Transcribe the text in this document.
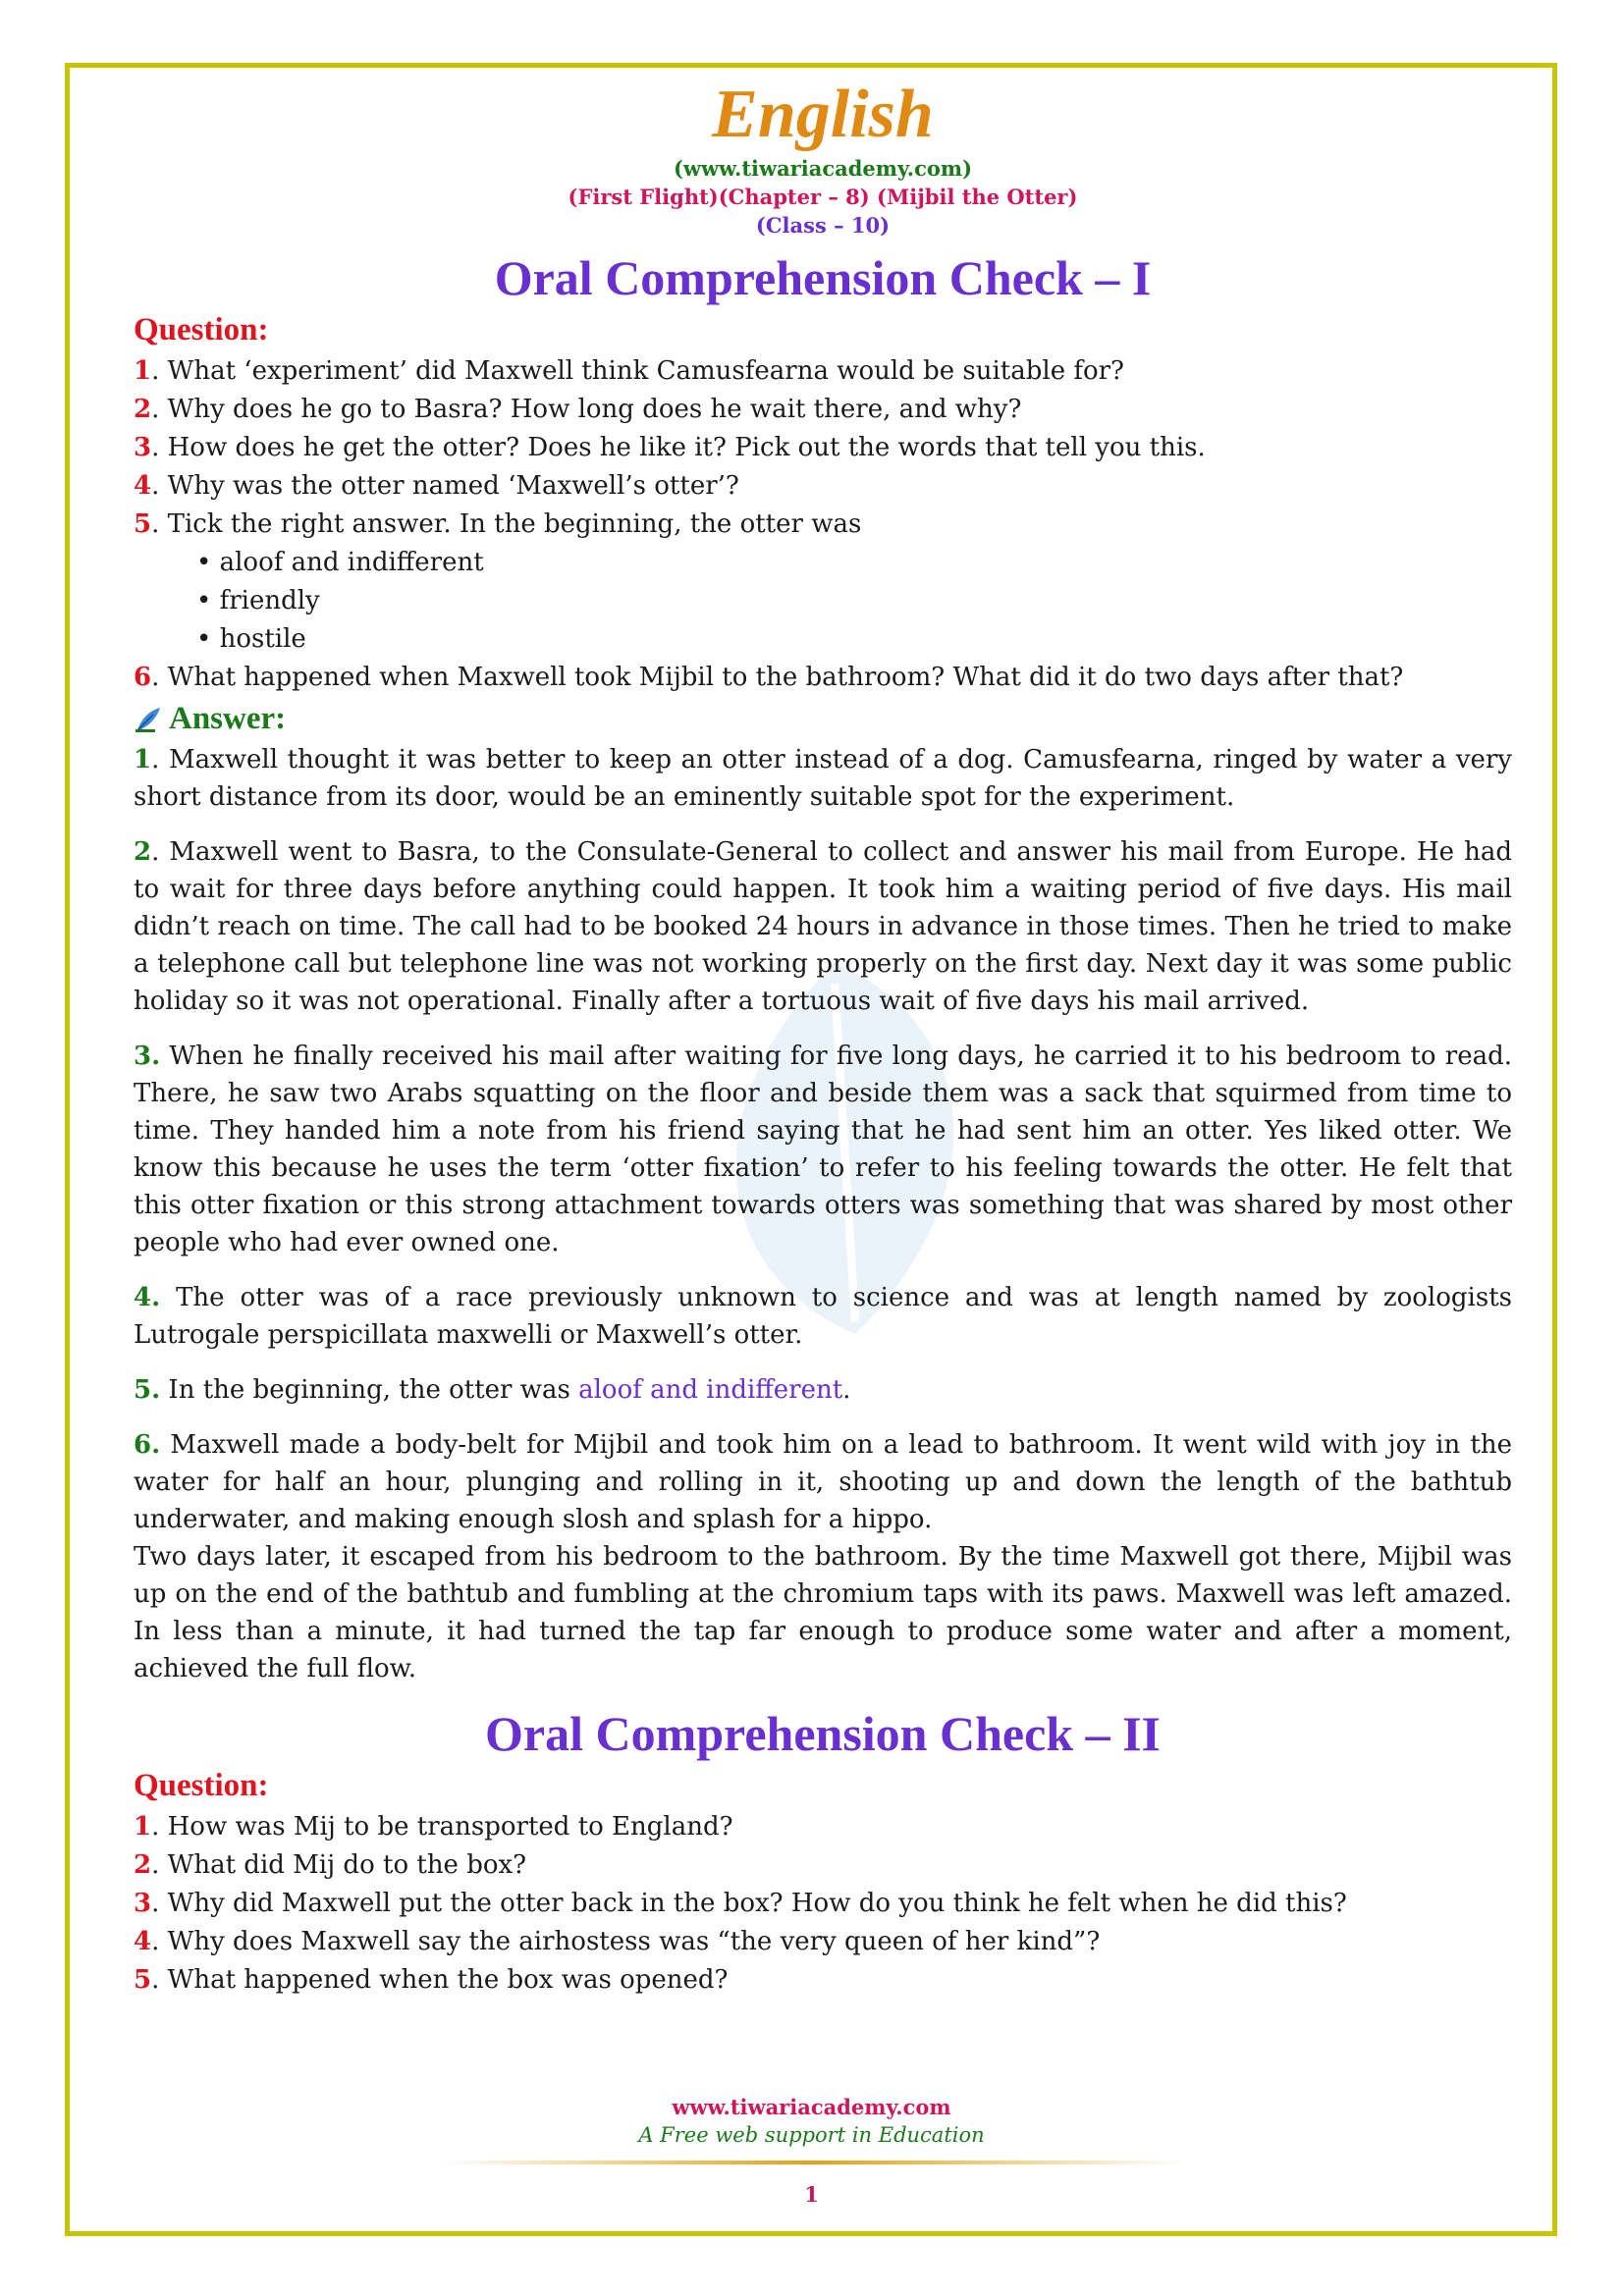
English
(www.tiwariacademy.com)
(First Flight)(Chapter – 8) (Mijbil the Otter)
(Class – 10)
Oral Comprehension Check – I
Question:
1. What ‘experiment’ did Maxwell think Camusfearna would be suitable for?
2. Why does he go to Basra? How long does he wait there, and why?
3. How does he get the otter? Does he like it? Pick out the words that tell you this.
4. Why was the otter named ‘Maxwell’s otter’?
5. Tick the right answer. In the beginning, the otter was
• aloof and indifferent
• friendly
• hostile
6. What happened when Maxwell took Mijbil to the bathroom? What did it do two days after that?
Answer:

1. Maxwell thought it was better to keep an otter instead of a dog. Camusfearna, ringed by water a very short distance from its door, would be an eminently suitable spot for the experiment.

2. Maxwell went to Basra, to the Consulate-General to collect and answer his mail from Europe. He had to wait for three days before anything could happen. It took him a waiting period of five days. His mail didn’t reach on time. The call had to be booked 24 hours in advance in those times. Then he tried to make a telephone call but telephone line was not working properly on the first day. Next day it was some public holiday so it was not operational. Finally after a tortuous wait of five days his mail arrived.

3. When he finally received his mail after waiting for five long days, he carried it to his bedroom to read. There, he saw two Arabs squatting on the floor and beside them was a sack that squirmed from time to time. They handed him a note from his friend saying that he had sent him an otter. Yes liked otter. We know this because he uses the term ‘otter fixation’ to refer to his feeling towards the otter. He felt that this otter fixation or this strong attachment towards otters was something that was shared by most other people who had ever owned one.

4. The otter was of a race previously unknown to science and was at length named by zoologists Lutrogale perspicillata maxwelli or Maxwell’s otter.

5. In the beginning, the otter was aloof and indifferent.

6. Maxwell made a body-belt for Mijbil and took him on a lead to bathroom. It went wild with joy in the water for half an hour, plunging and rolling in it, shooting up and down the length of the bathtub underwater, and making enough slosh and splash for a hippo.
Two days later, it escaped from his bedroom to the bathroom. By the time Maxwell got there, Mijbil was up on the end of the bathtub and fumbling at the chromium taps with its paws. Maxwell was left amazed. In less than a minute, it had turned the tap far enough to produce some water and after a moment, achieved the full flow.

Oral Comprehension Check – II
Question:
1. How was Mij to be transported to England?
2. What did Mij do to the box?
3. Why did Maxwell put the otter back in the box? How do you think he felt when he did this?
4. Why does Maxwell say the airhostess was “the very queen of her kind”?
5. What happened when the box was opened?
www.tiwariacademy.com
A Free web support in Education
1
